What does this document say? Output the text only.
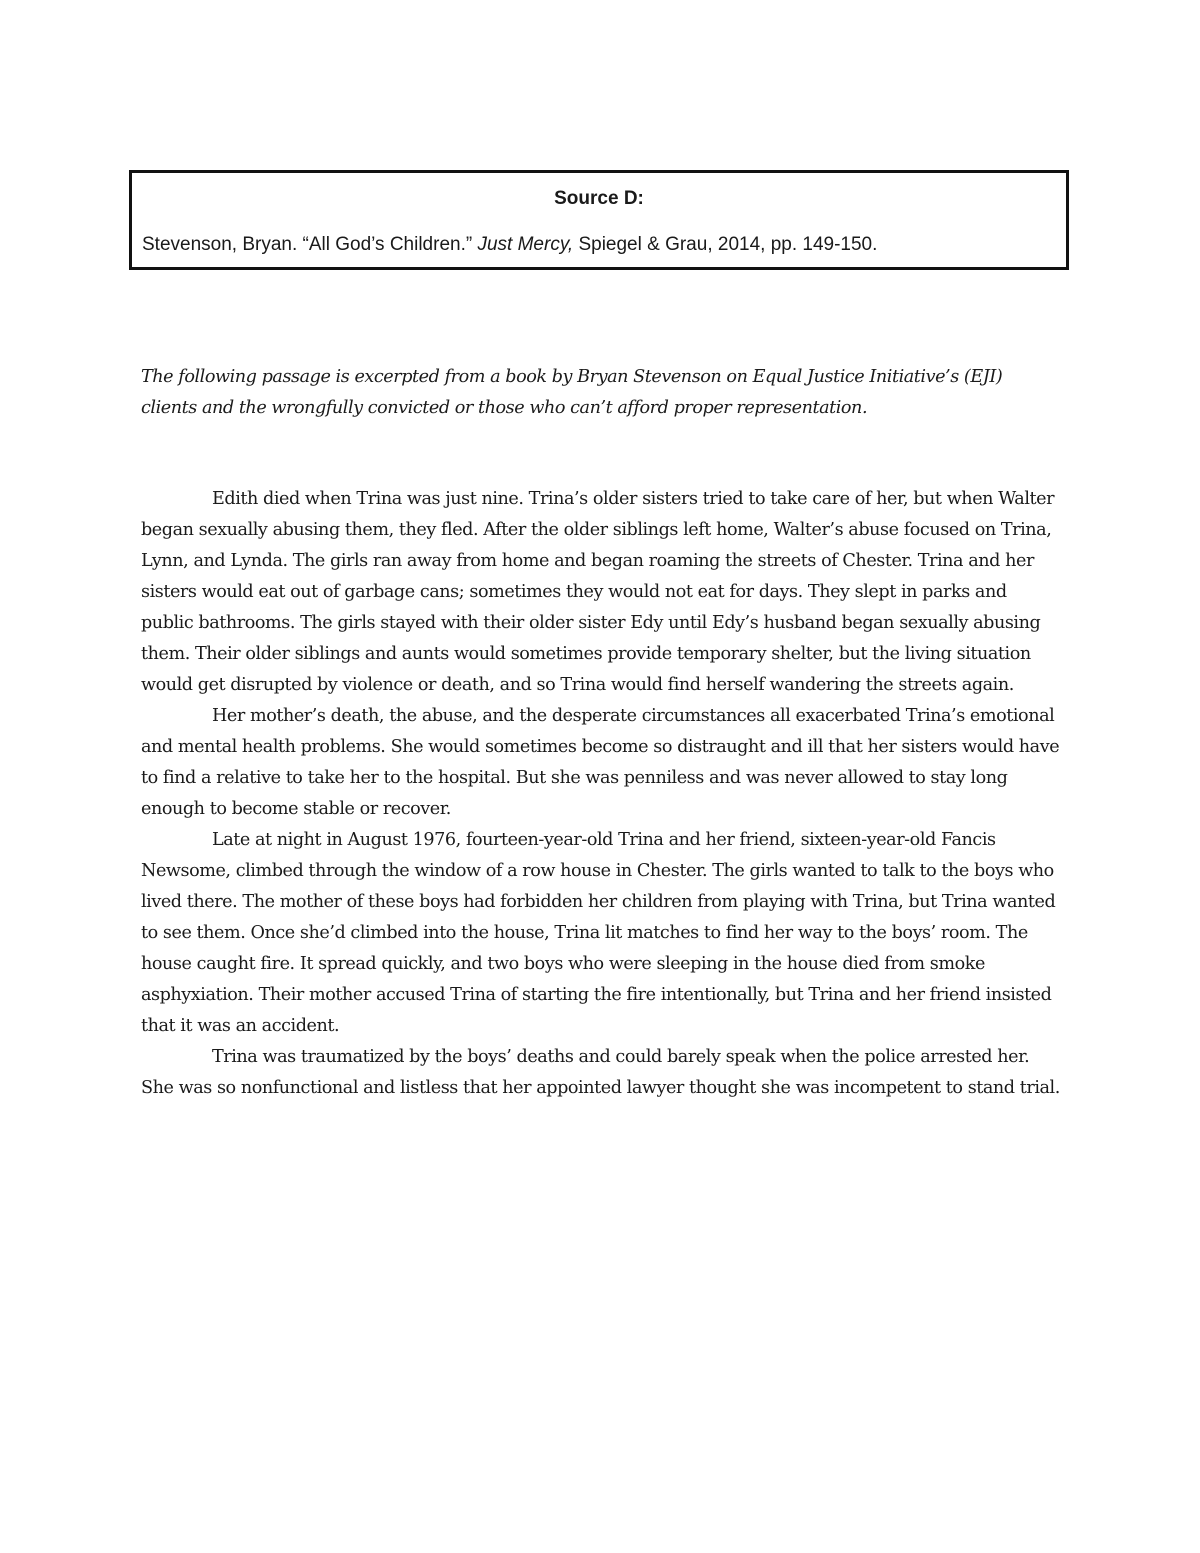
Source D:
Stevenson, Bryan. “All God’s Children.” Just Mercy, Spiegel & Grau, 2014, pp. 149-150.

The following passage is excerpted from a book by Bryan Stevenson on Equal Justice Initiative’s (EJI) clients and the wrongfully convicted or those who can’t afford proper representation.

Edith died when Trina was just nine. Trina’s older sisters tried to take care of her, but when Walter began sexually abusing them, they fled. After the older siblings left home, Walter’s abuse focused on Trina, Lynn, and Lynda. The girls ran away from home and began roaming the streets of Chester. Trina and her sisters would eat out of garbage cans; sometimes they would not eat for days. They slept in parks and public bathrooms. The girls stayed with their older sister Edy until Edy’s husband began sexually abusing them. Their older siblings and aunts would sometimes provide temporary shelter, but the living situation would get disrupted by violence or death, and so Trina would find herself wandering the streets again.

Her mother’s death, the abuse, and the desperate circumstances all exacerbated Trina’s emotional and mental health problems. She would sometimes become so distraught and ill that her sisters would have to find a relative to take her to the hospital. But she was penniless and was never allowed to stay long enough to become stable or recover.

Late at night in August 1976, fourteen-year-old Trina and her friend, sixteen-year-old Fancis Newsome, climbed through the window of a row house in Chester. The girls wanted to talk to the boys who lived there. The mother of these boys had forbidden her children from playing with Trina, but Trina wanted to see them. Once she’d climbed into the house, Trina lit matches to find her way to the boys’ room. The house caught fire. It spread quickly, and two boys who were sleeping in the house died from smoke asphyxiation. Their mother accused Trina of starting the fire intentionally, but Trina and her friend insisted that it was an accident.

Trina was traumatized by the boys’ deaths and could barely speak when the police arrested her. She was so nonfunctional and listless that her appointed lawyer thought she was incompetent to stand trial.
